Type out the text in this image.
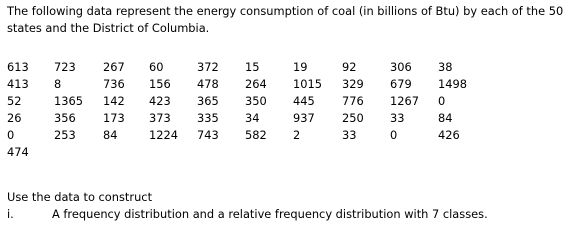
The following data represent the energy consumption of coal (in billions of Btu) by each of the 50 states and the District of Columbia.

613 723 267 60	372 15	19	92	306 38
413 8	736 156 478 264 1015 329 679 1498
52	1365 142 423 365 350 445 776 1267 0
26	356 173 373 335 34	937 250 33	84
0	253 84	1224 743 582 2	33	0	426
474

Use the data to construct

i.	A frequency distribution and a relative frequency distribution with 7 classes.
